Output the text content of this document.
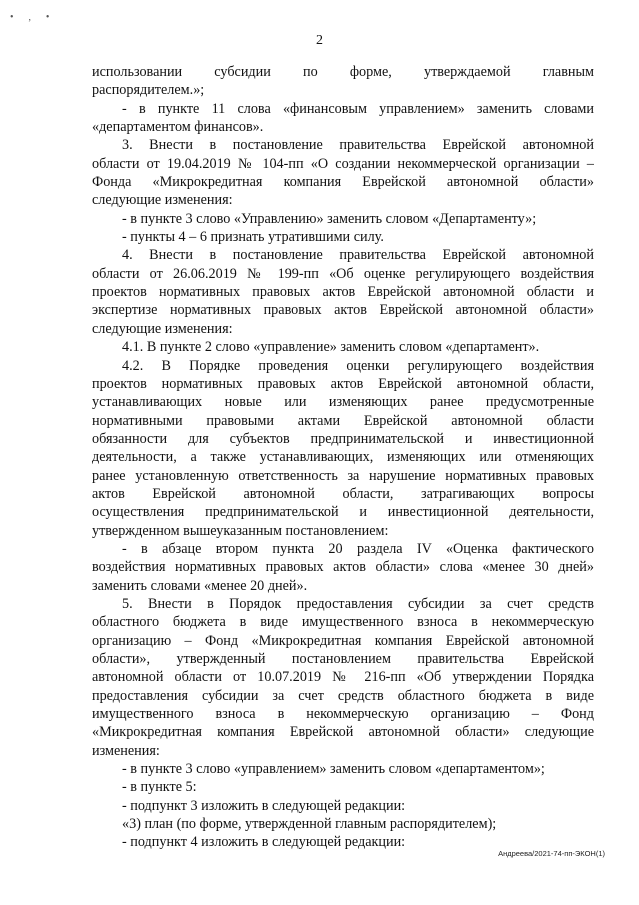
• ‚ •
2
использовании субсидии по форме, утверждаемой главным
распорядителем.»;
- в пункте 11 слова «финансовым управлением» заменить словами
«департаментом финансов».
3. Внести в постановление правительства Еврейской автономной
области от 19.04.2019 № 104-пп «О создании некоммерческой организации –
Фонда «Микрокредитная компания Еврейской автономной области»
следующие изменения:
- в пункте 3 слово «Управлению» заменить словом «Департаменту»;
- пункты 4 – 6 признать утратившими силу.
4. Внести в постановление правительства Еврейской автономной
области от 26.06.2019 № 199-пп «Об оценке регулирующего воздействия
проектов нормативных правовых актов Еврейской автономной области и
экспертизе нормативных правовых актов Еврейской автономной области»
следующие изменения:
4.1. В пункте 2 слово «управление» заменить словом «департамент».
4.2. В Порядке проведения оценки регулирующего воздействия
проектов нормативных правовых актов Еврейской автономной области,
устанавливающих новые или изменяющих ранее предусмотренные
нормативными правовыми актами Еврейской автономной области
обязанности для субъектов предпринимательской и инвестиционной
деятельности, а также устанавливающих, изменяющих или отменяющих
ранее установленную ответственность за нарушение нормативных правовых
актов Еврейской автономной области, затрагивающих вопросы
осуществления предпринимательской и инвестиционной деятельности,
утвержденном вышеуказанным постановлением:
- в абзаце втором пункта 20 раздела IV «Оценка фактического
воздействия нормативных правовых актов области» слова «менее 30 дней»
заменить словами «менее 20 дней».
5. Внести в Порядок предоставления субсидии за счет средств
областного бюджета в виде имущественного взноса в некоммерческую
организацию – Фонд «Микрокредитная компания Еврейской автономной
области», утвержденный постановлением правительства Еврейской
автономной области от 10.07.2019 № 216-пп «Об утверждении Порядка
предоставления субсидии за счет средств областного бюджета в виде
имущественного взноса в некоммерческую организацию – Фонд
«Микрокредитная компания Еврейской автономной области» следующие
изменения:
- в пункте 3 слово «управлением» заменить словом «департаментом»;
- в пункте 5:
- подпункт 3 изложить в следующей редакции:
«3) план (по форме, утвержденной главным распорядителем);
- подпункт 4 изложить в следующей редакции:
Андреева/2021-74-пп-ЭКОН(1)
